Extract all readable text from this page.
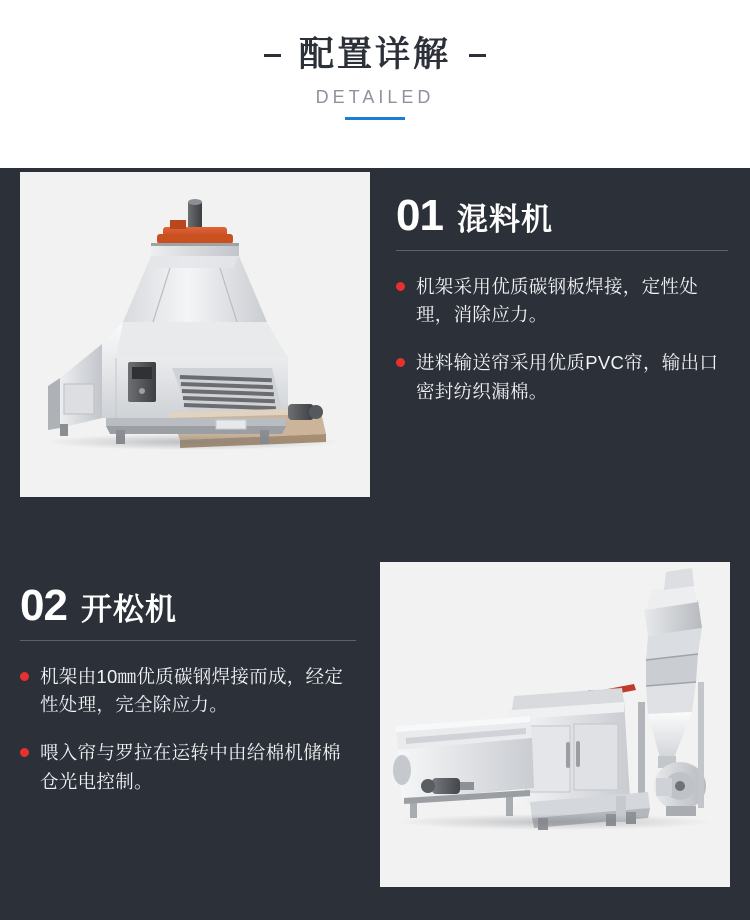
配置详解
DETAILED
01 混料机
机架采用优质碳钢板焊接，定性处理，消除应力。
进料输送帘采用优质PVC帘，输出口密封纺织漏棉。
02 开松机
机架由10㎜优质碳钢焊接而成，经定性处理，完全除应力。
喂入帘与罗拉在运转中由给棉机储棉仓光电控制。
